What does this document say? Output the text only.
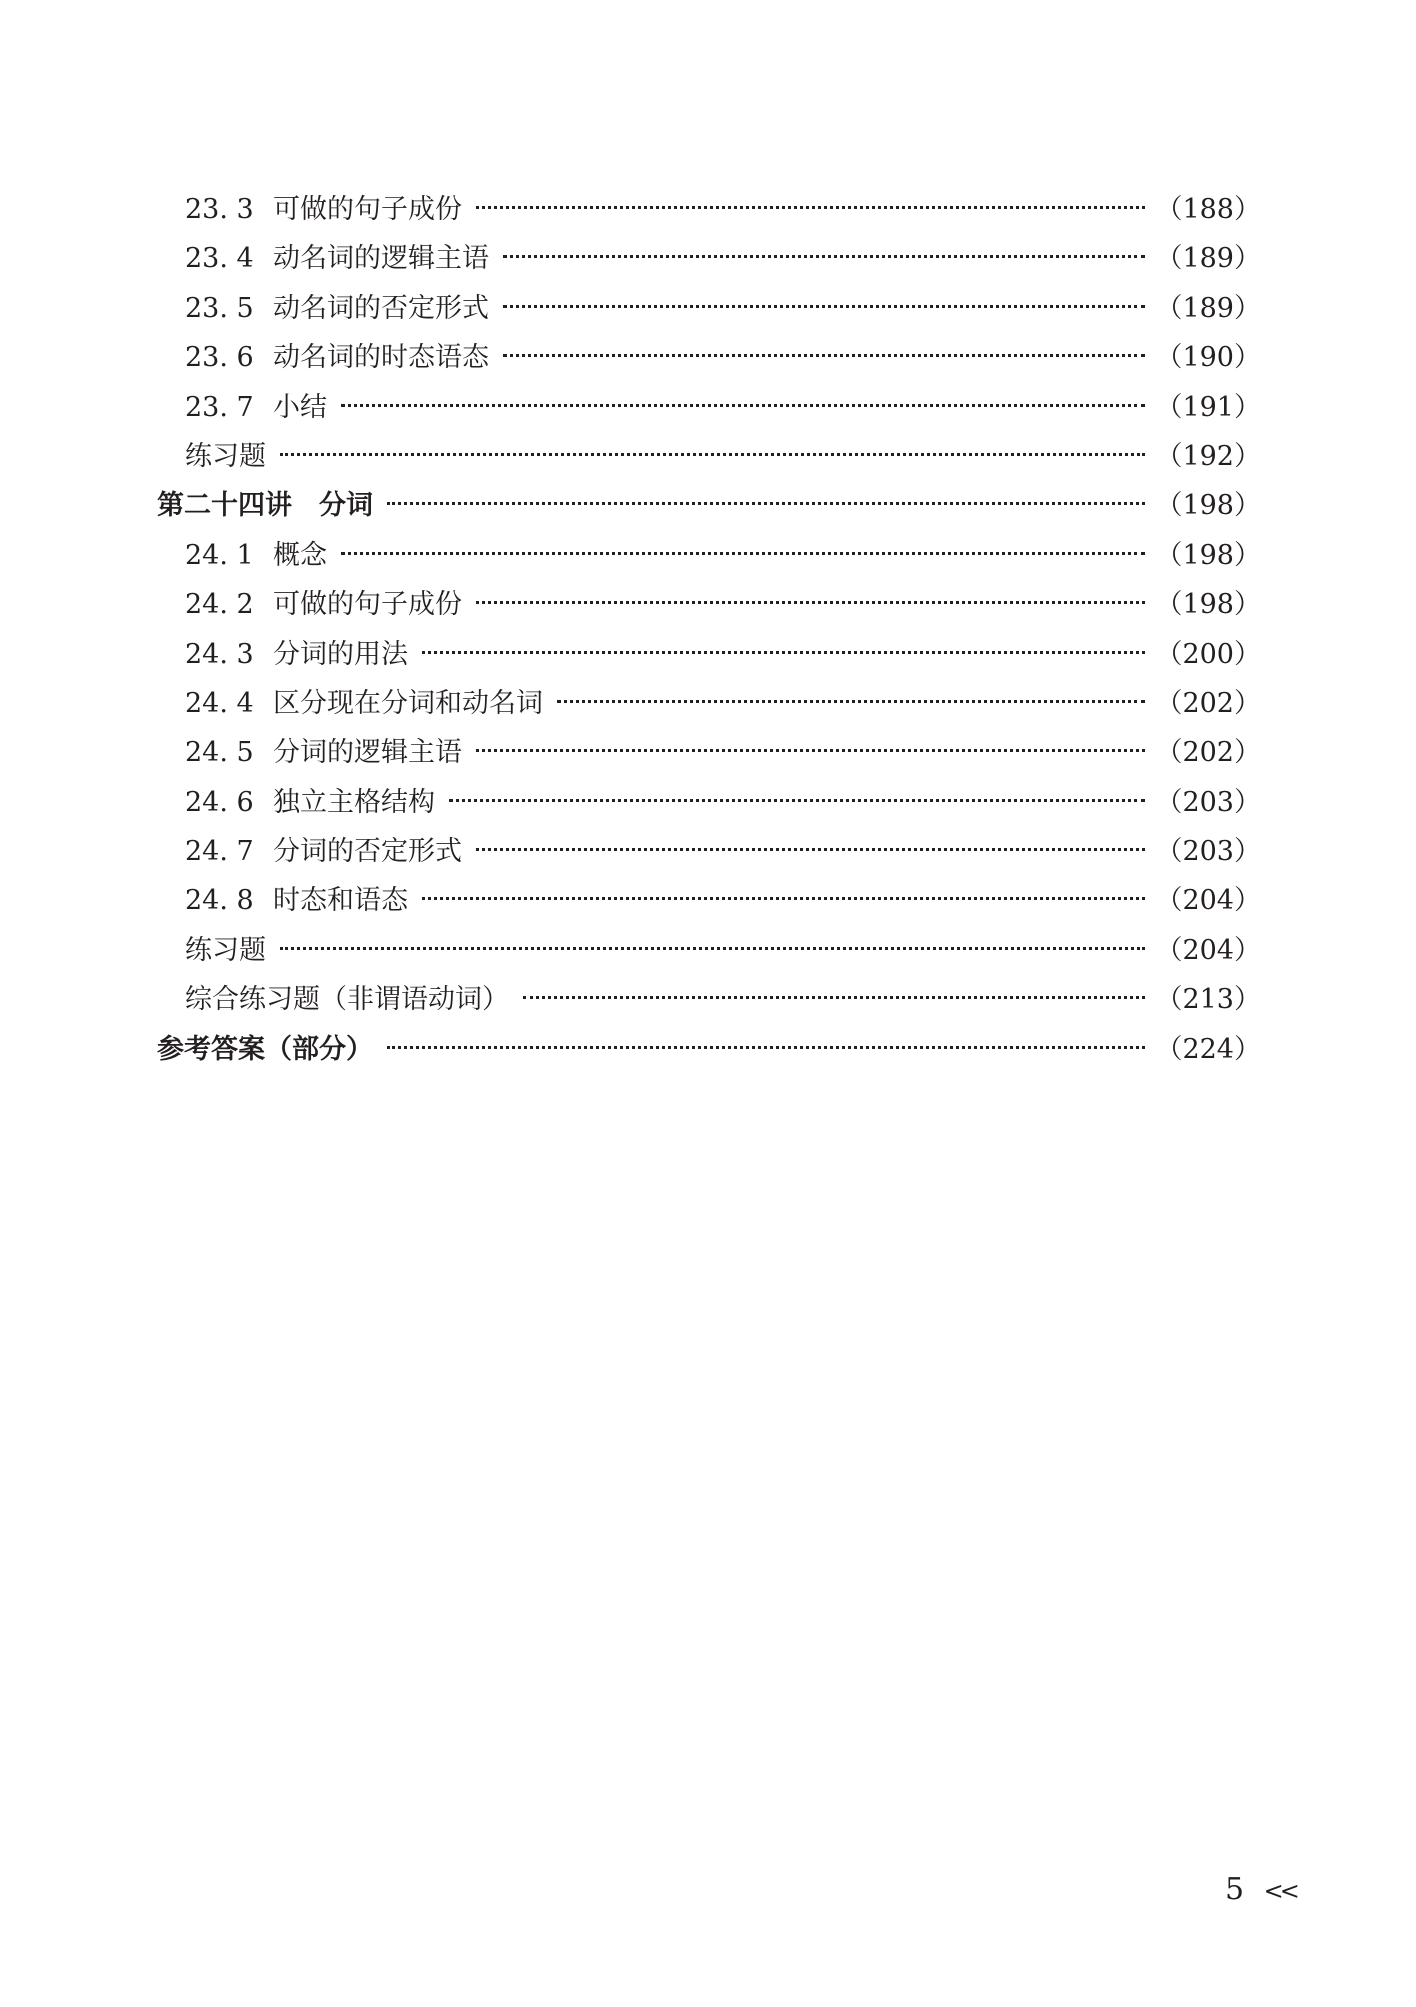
23. 3 可做的句子成份	（188）
23. 4 动名词的逻辑主语	（189）
23. 5 动名词的否定形式	（189）
23. 6 动名词的时态语态	（190）
23. 7 小结	（191）
练习题	（192）
第二十四讲　分词	（198）
24. 1 概念	（198）
24. 2 可做的句子成份	（198）
24. 3 分词的用法	（200）
24. 4 区分现在分词和动名词	（202）
24. 5 分词的逻辑主语	（202）
24. 6 独立主格结构	（203）
24. 7 分词的否定形式	（203）
24. 8 时态和语态	（204）
练习题	（204）
综合练习题（非谓语动词）	（213）
参考答案（部分）	（224）
5 <<
